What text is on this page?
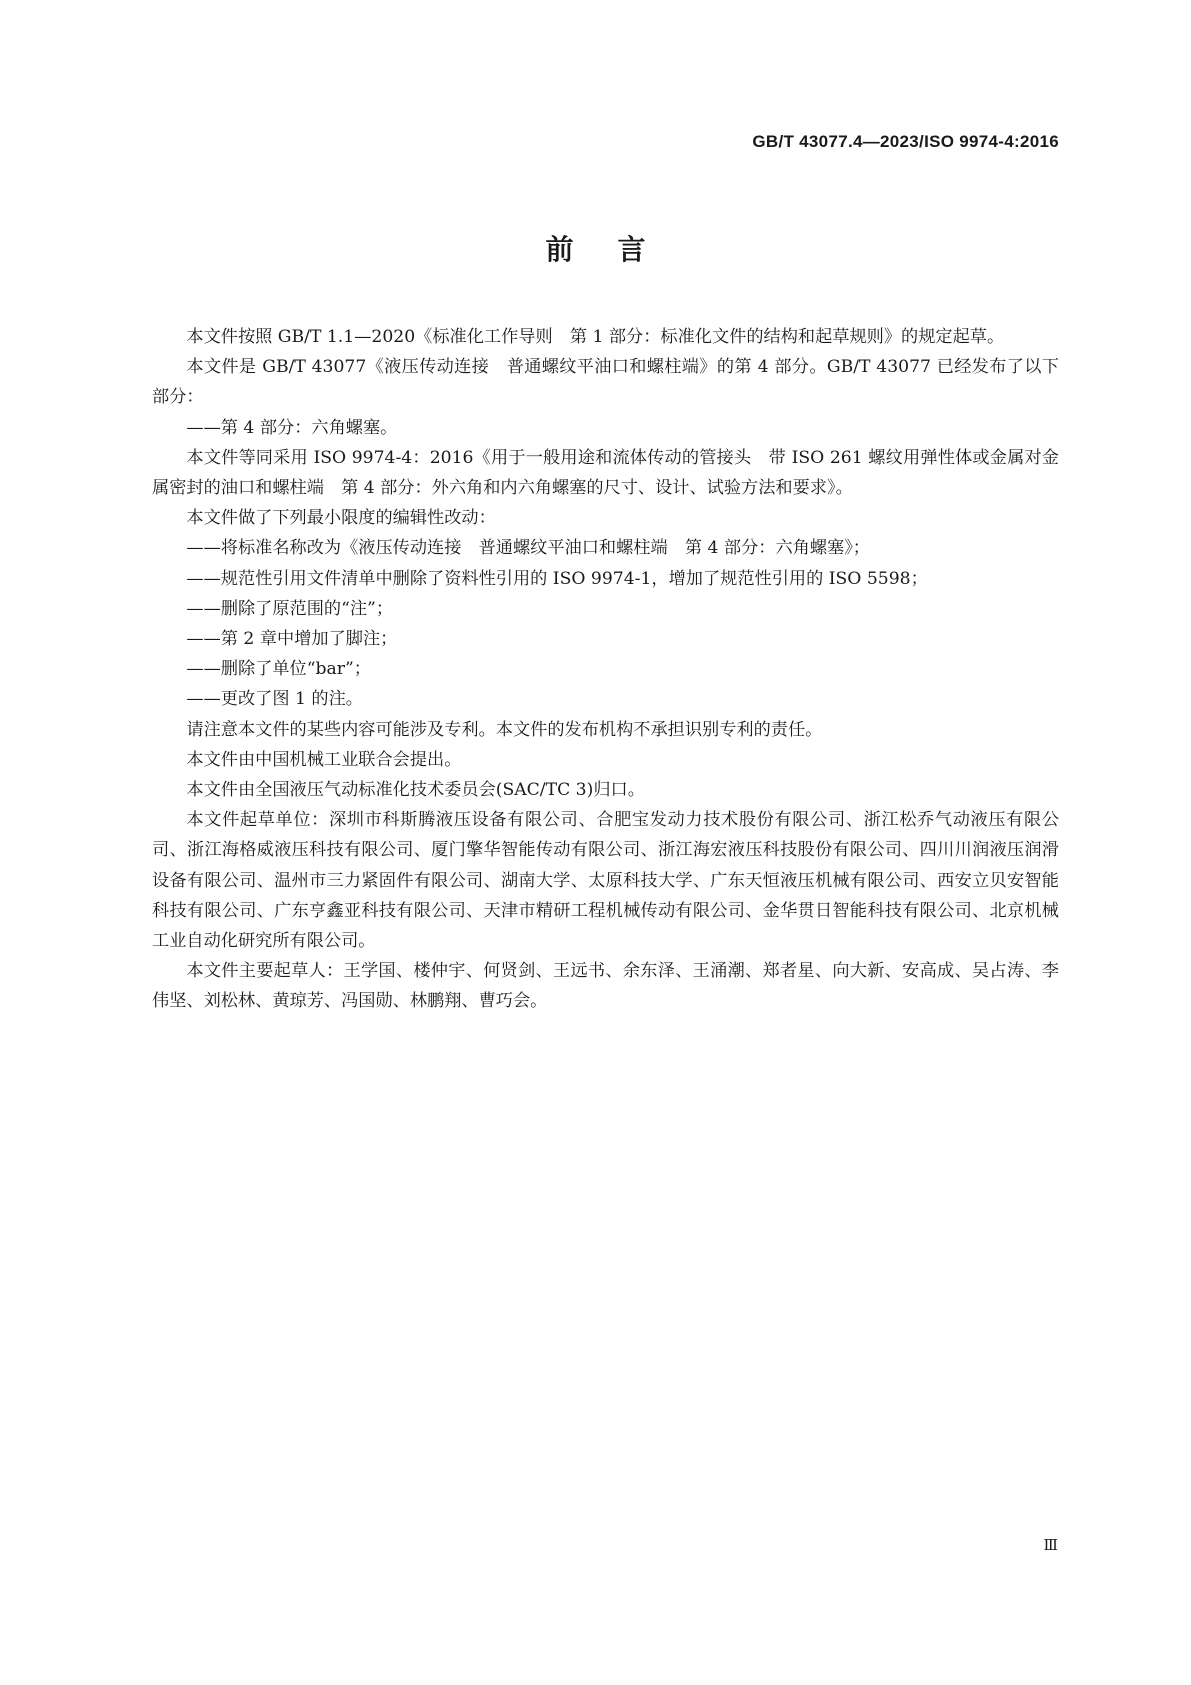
GB/T 43077.4—2023/ISO 9974-4:2016
前言

本文件按照 GB/T 1.1—2020《标准化工作导则　第 1 部分：标准化文件的结构和起草规则》的规定起草。

本文件是 GB/T 43077《液压传动连接　普通螺纹平油口和螺柱端》的第 4 部分。GB/T 43077 已经发布了以下部分：

——第 4 部分：六角螺塞。

本文件等同采用 ISO 9974-4：2016《用于一般用途和流体传动的管接头　带 ISO 261 螺纹用弹性体或金属对金属密封的油口和螺柱端　第 4 部分：外六角和内六角螺塞的尺寸、设计、试验方法和要求》。

本文件做了下列最小限度的编辑性改动：

——将标准名称改为《液压传动连接　普通螺纹平油口和螺柱端　第 4 部分：六角螺塞》；

——规范性引用文件清单中删除了资料性引用的 ISO 9974-1，增加了规范性引用的 ISO 5598；

——删除了原范围的“注”；

——第 2 章中增加了脚注；

——删除了单位“bar”；

——更改了图 1 的注。

请注意本文件的某些内容可能涉及专利。本文件的发布机构不承担识别专利的责任。

本文件由中国机械工业联合会提出。

本文件由全国液压气动标准化技术委员会(SAC/TC 3)归口。

本文件起草单位：深圳市科斯腾液压设备有限公司、合肥宝发动力技术股份有限公司、浙江松乔气动液压有限公司、浙江海格威液压科技有限公司、厦门擎华智能传动有限公司、浙江海宏液压科技股份有限公司、四川川润液压润滑设备有限公司、温州市三力紧固件有限公司、湖南大学、太原科技大学、广东天恒液压机械有限公司、西安立贝安智能科技有限公司、广东亨鑫亚科技有限公司、天津市精研工程机械传动有限公司、金华贯日智能科技有限公司、北京机械工业自动化研究所有限公司。

本文件主要起草人：王学国、楼仲宇、何贤剑、王远书、余东泽、王涌潮、郑者星、向大新、安高成、吴占涛、李伟坚、刘松林、黄琼芳、冯国勋、林鹏翔、曹巧会。

Ⅲ
